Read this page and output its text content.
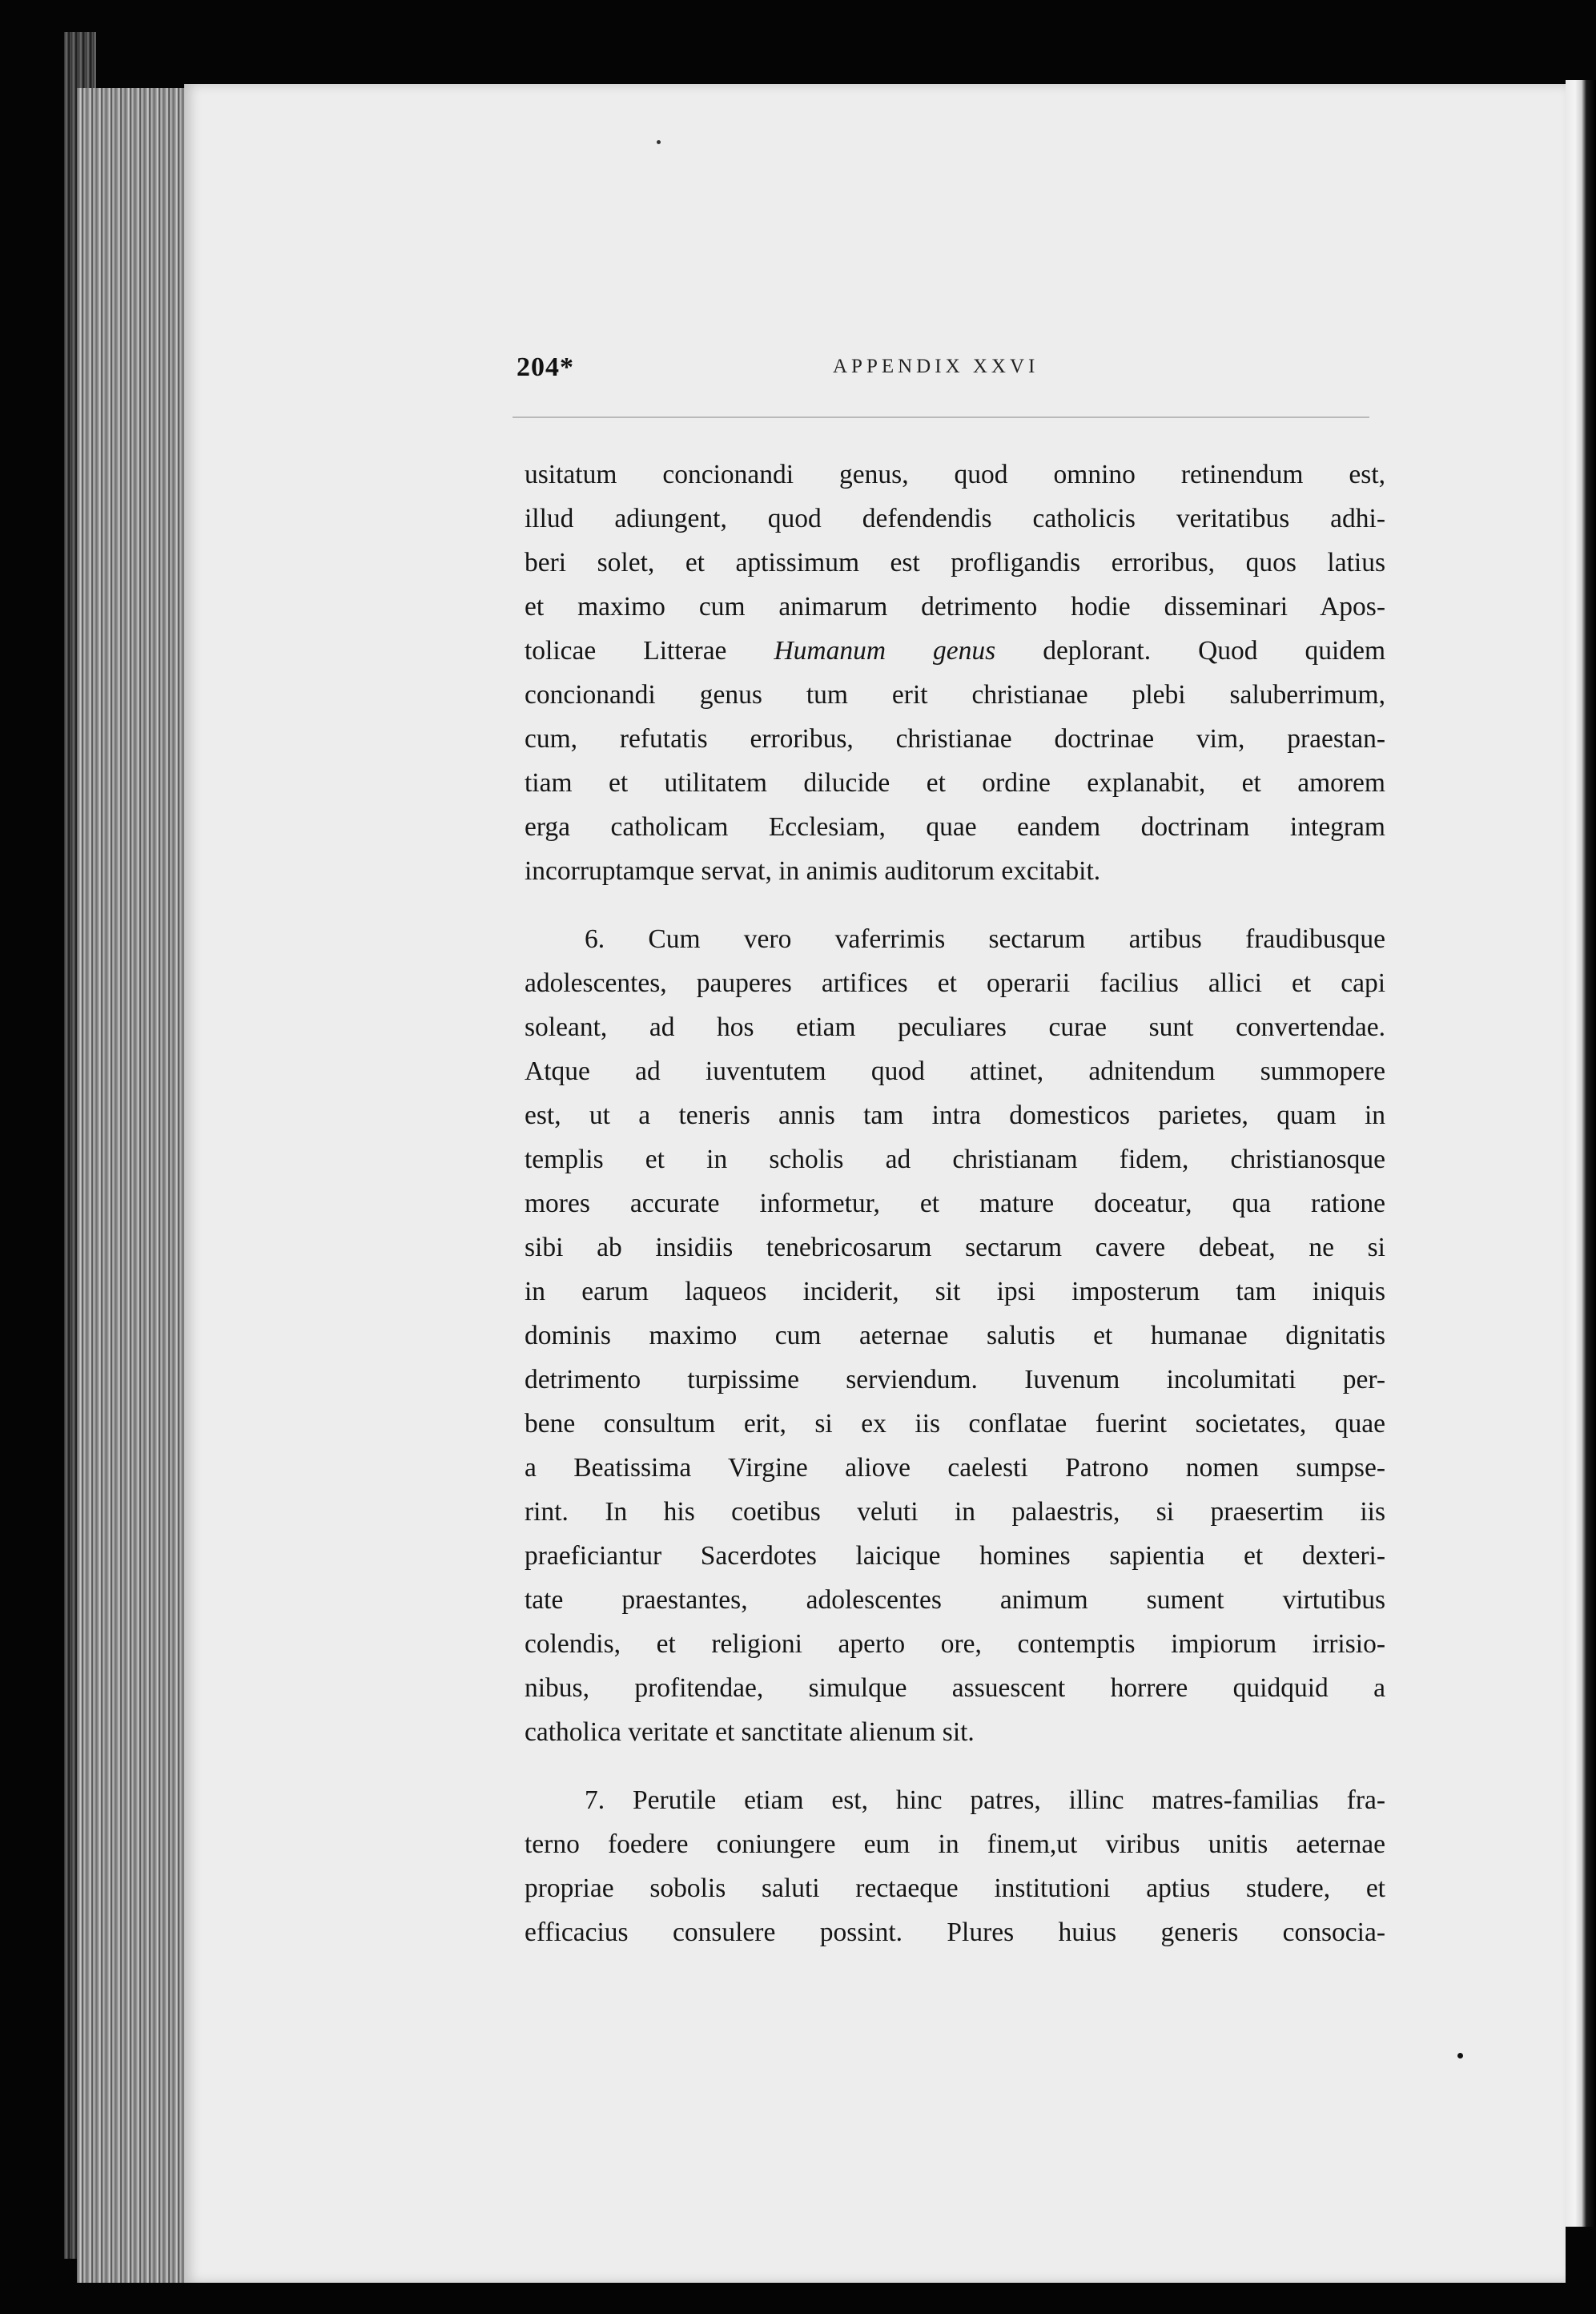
204*	APPENDIX XXVI
usitatum concionandi genus, quod omnino retinendum est,
illud adiungent, quod defendendis catholicis veritatibus adhi-
beri solet, et aptissimum est profligandis erroribus, quos latius
et maximo cum animarum detrimento hodie disseminari Apos-
tolicae Litterae Humanum genus deplorant. Quod quidem
concionandi genus tum erit christianae plebi saluberrimum,
cum, refutatis erroribus, christianae doctrinae vim, praestan-
tiam et utilitatem dilucide et ordine explanabit, et amorem
erga catholicam Ecclesiam, quae eandem doctrinam integram
incorruptamque servat, in animis auditorum excitabit.
6. Cum vero vaferrimis sectarum artibus fraudibusque
adolescentes, pauperes artifices et operarii facilius allici et capi
soleant, ad hos etiam peculiares curae sunt convertendae.
Atque ad iuventutem quod attinet, adnitendum summopere
est, ut a teneris annis tam intra domesticos parietes, quam in
templis et in scholis ad christianam fidem, christianosque
mores accurate informetur, et mature doceatur, qua ratione
sibi ab insidiis tenebricosarum sectarum cavere debeat, ne si
in earum laqueos inciderit, sit ipsi imposterum tam iniquis
dominis maximo cum aeternae salutis et humanae dignitatis
detrimento turpissime serviendum. Iuvenum incolumitati per-
bene consultum erit, si ex iis conflatae fuerint societates, quae
a Beatissima Virgine aliove caelesti Patrono nomen sumpse-
rint. In his coetibus veluti in palaestris, si praesertim iis
praeficiantur Sacerdotes laicique homines sapientia et dexteri-
tate praestantes, adolescentes animum sument virtutibus
colendis, et religioni aperto ore, contemptis impiorum irrisio-
nibus, profitendae, simulque assuescent horrere quidquid a
catholica veritate et sanctitate alienum sit.
7. Perutile etiam est, hinc patres, illinc matres-familias fra-
terno foedere coniungere eum in finem,ut viribus unitis aeternae
propriae sobolis saluti rectaeque institutioni aptius studere, et
efficacius consulere possint. Plures huius generis consocia-
